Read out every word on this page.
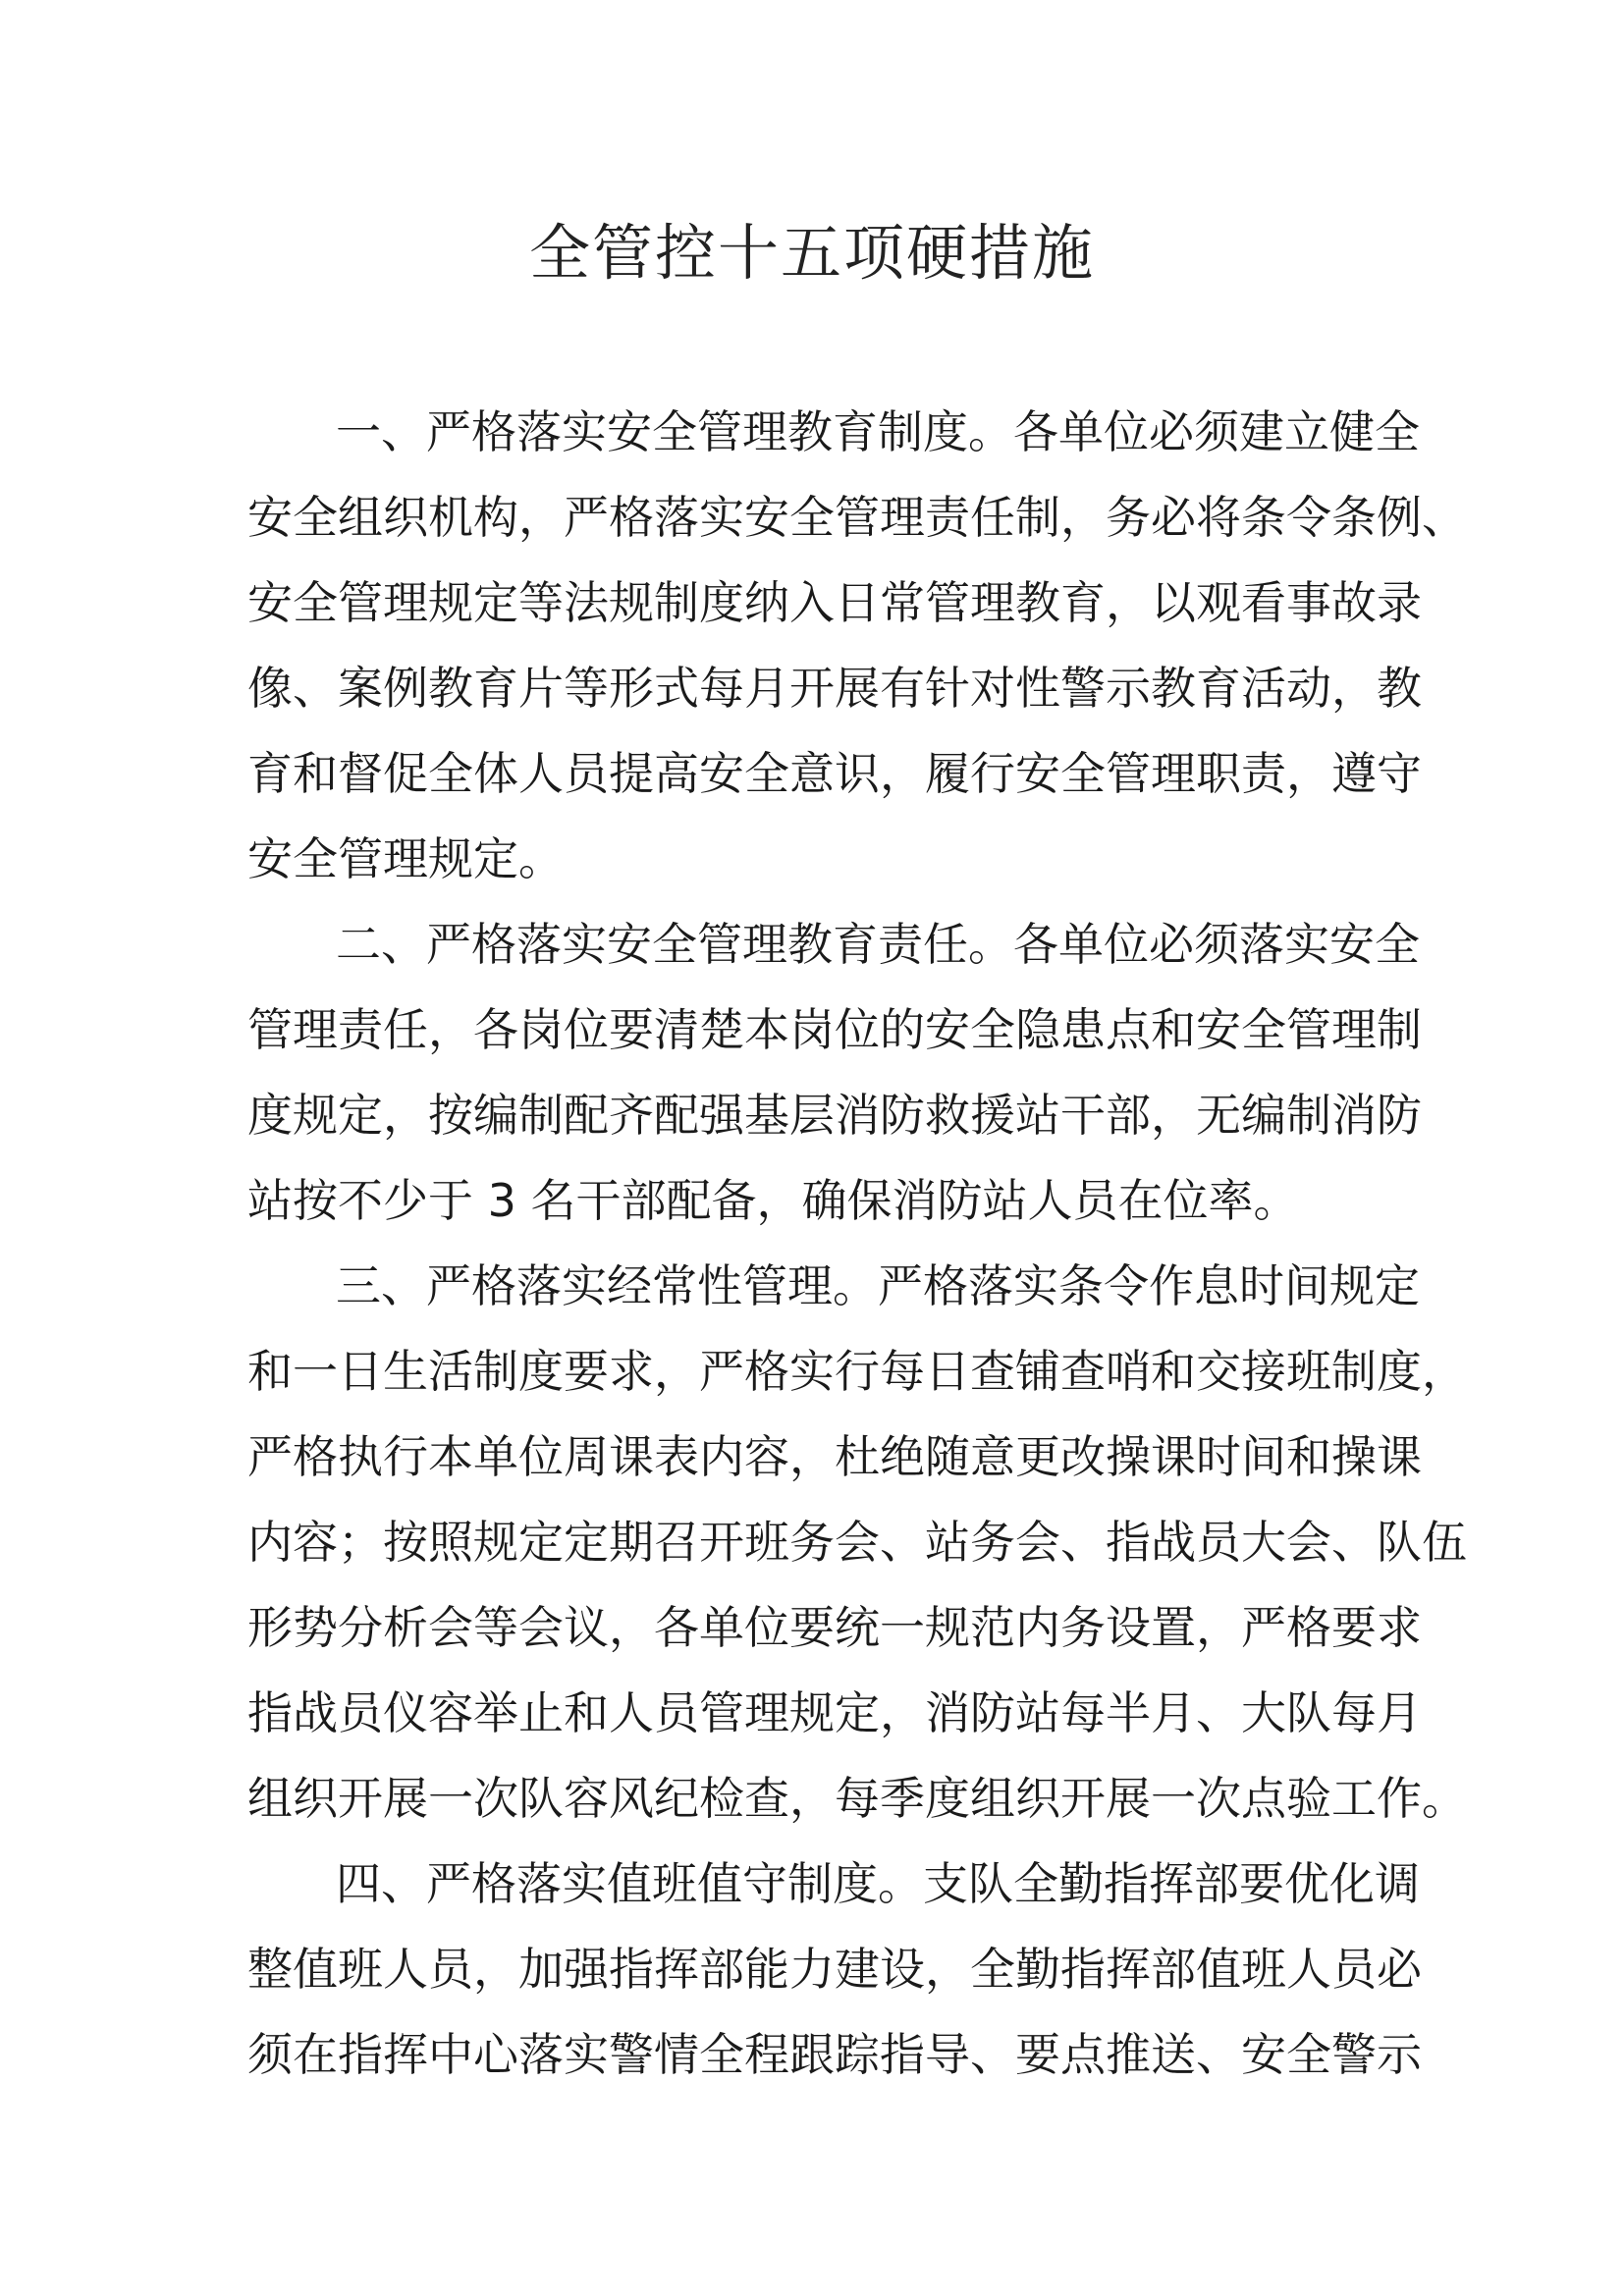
全管控十五项硬措施
一、严格落实安全管理教育制度。各单位必须建立健全
安全组织机构，严格落实安全管理责任制，务必将条令条例、
安全管理规定等法规制度纳入日常管理教育，以观看事故录
像、案例教育片等形式每月开展有针对性警示教育活动，教
育和督促全体人员提高安全意识，履行安全管理职责，遵守
安全管理规定。
二、严格落实安全管理教育责任。各单位必须落实安全
管理责任，各岗位要清楚本岗位的安全隐患点和安全管理制
度规定，按编制配齐配强基层消防救援站干部，无编制消防
站按不少于 3 名干部配备，确保消防站人员在位率。
三、严格落实经常性管理。严格落实条令作息时间规定
和一日生活制度要求，严格实行每日查铺查哨和交接班制度，
严格执行本单位周课表内容，杜绝随意更改操课时间和操课
内容；按照规定定期召开班务会、站务会、指战员大会、队伍
形势分析会等会议，各单位要统一规范内务设置，严格要求
指战员仪容举止和人员管理规定，消防站每半月、大队每月
组织开展一次队容风纪检查，每季度组织开展一次点验工作。
四、严格落实值班值守制度。支队全勤指挥部要优化调
整值班人员，加强指挥部能力建设，全勤指挥部值班人员必
须在指挥中心落实警情全程跟踪指导、要点推送、安全警示
